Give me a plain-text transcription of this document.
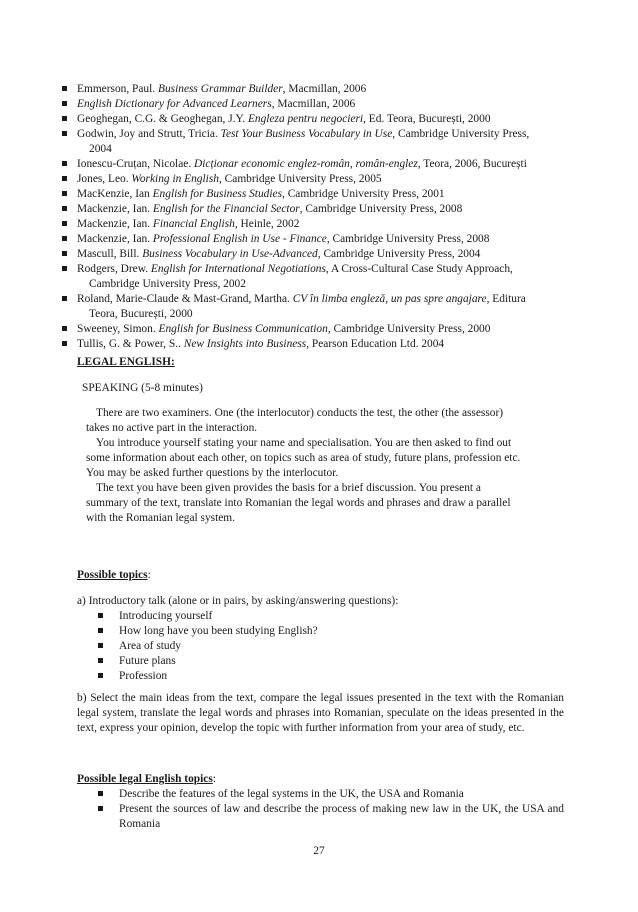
Emmerson, Paul. Business Grammar Builder, Macmillan, 2006
English Dictionary for Advanced Learners, Macmillan, 2006
Geoghegan, C.G. & Geoghegan, J.Y. Engleza pentru negocieri, Ed. Teora, București, 2000
Godwin, Joy and Strutt, Tricia. Test Your Business Vocabulary in Use, Cambridge University Press,
2004
Ionescu-Cruțan, Nicolae. Dicționar economic englez-român, român-englez, Teora, 2006, București
Jones, Leo. Working in English, Cambridge University Press, 2005
MacKenzie, Ian English for Business Studies, Cambridge University Press, 2001
Mackenzie, Ian. English for the Financial Sector, Cambridge University Press, 2008
Mackenzie, Ian. Financial English, Heinle, 2002
Mackenzie, Ian. Professional English in Use - Finance, Cambridge University Press, 2008
Mascull, Bill. Business Vocabulary in Use-Advanced, Cambridge University Press, 2004
Rodgers, Drew. English for International Negotiations, A Cross-Cultural Case Study Approach,
Cambridge University Press, 2002
Roland, Marie-Claude & Mast-Grand, Martha. CV în limba engleză, un pas spre angajare, Editura
Teora, București, 2000
Sweeney, Simon. English for Business Communication, Cambridge University Press, 2000
Tullis, G. & Power, S.. New Insights into Business, Pearson Education Ltd. 2004
LEGAL ENGLISH:
SPEAKING (5-8 minutes)

There are two examiners. One (the interlocutor) conducts the test, the other (the assessor)

takes no active part in the interaction.

You introduce yourself stating your name and specialisation. You are then asked to find out

some information about each other, on topics such as area of study, future plans, profession etc.

You may be asked further questions by the interlocutor.

The text you have been given provides the basis for a brief discussion. You present a

summary of the text, translate into Romanian the legal words and phrases and draw a parallel

with the Romanian legal system.

Possible topics:
a) Introductory talk (alone or in pairs, by asking/answering questions):
Introducing yourself
How long have you been studying English?
Area of study
Future plans
Profession
b) Select the main ideas from the text, compare the legal issues presented in the text with the Romanian legal system, translate the legal words and phrases into Romanian, speculate on the ideas presented in the text, express your opinion, develop the topic with further information from your area of study, etc.
Possible legal English topics:
Describe the features of the legal systems in the UK, the USA and Romania
Present the sources of law and describe the process of making new law in the UK, the USA and Romania
27
